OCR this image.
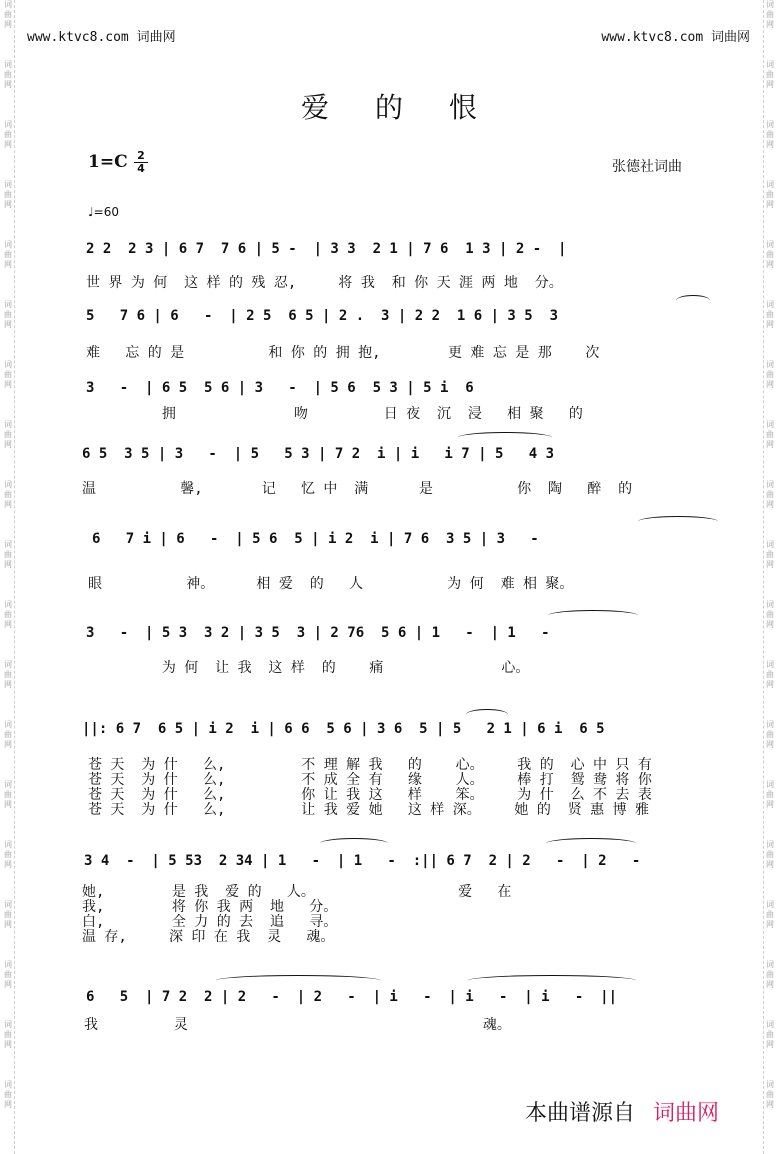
词
曲
网

词
曲
网

词
曲
网

词
曲
网

词
曲
网

词
曲
网

词
曲
网

词
曲
网

词
曲
网

词
曲
网

词
曲
网

词
曲
网

词
曲
网

词
曲
网

词
曲
网

词
曲
网

词
曲
网

词
曲
网

词
曲
网
词
曲
网

词
曲
网

词
曲
网

词
曲
网

词
曲
网

词
曲
网

词
曲
网

词
曲
网

词
曲
网

词
曲
网

词
曲
网

词
曲
网

词
曲
网

词
曲
网

词
曲
网

词
曲
网

词
曲
网

词
曲
网

词
曲
网
www.ktvc8.com 词曲网	www.ktvc8.com 词曲网
爱的恨
1=C 2
4	张德社词曲
♩=60
2 2  2 3 | 6 7  7 6 | 5 -  | 3 3  2 1 | 7 6  1 3 | 2 -  |
世 界 为 何  这 样 的 残 忍,     将 我  和 你 天 涯 两 地  分。
5   7 6 | 6   -  | 2 5  6 5 | 2 .  3 | 2 2  1 6 | 3 5  3
难   忘 的 是          和 你 的 拥 抱,        更 难 忘 是 那    次
3   -  | 6 5  5 6 | 3   -  | 5 6  5 3 | 5 i  6
拥              吻         日 夜  沉  浸   相 聚   的
6 5  3 5 | 3   -  | 5   5 3 | 7 2  i | i   i 7 | 5   4 3
温          馨,       记   忆 中  满      是          你  陶   醉  的
6   7 i | 6   -  | 5 6  5 | i 2  i | 7 6  3 5 | 3   -
眼          神。     相 爱  的   人          为 何  难 相 聚。
3   -  | 5 3  3 2 | 3 5  3 | 2 76  5 6 | 1   -  | 1   -
为 何  让 我  这 样  的    痛              心。
||: 6 7  6 5 | i 2  i | 6 6  5 6 | 3 6  5 | 5   2 1 | 6 i  6 5
苍 天  为 什   么,         不 理 解 我   的    心。    我 的  心 中 只 有
苍 天  为 什   么,         不 成 全 有   缘    人。    棒 打  鸳 鸯 将 你
苍 天  为 什   么,         你 让 我 这   样    笨。    为 什  么 不 去 表
苍 天  为 什   么,         让 我 爱 她   这 样 深。    她 的  贤 惠 博 雅
3 4  -  | 5 53  2 34 | 1   -  | 1   -  :|| 6 7  2 | 2   -  | 2   -
她,        是 我  爱 的   人。                 爱   在
我,        将 你 我 两  地   分。
白,        全 力 的 去  追   寻。
温 存,     深 印 在 我  灵   魂。
6   5  | 7 2  2 | 2   -  | 2   -  | i   -  | i   -  | i   -  ||
我         灵                                   魂。
本曲谱源自 词曲网
